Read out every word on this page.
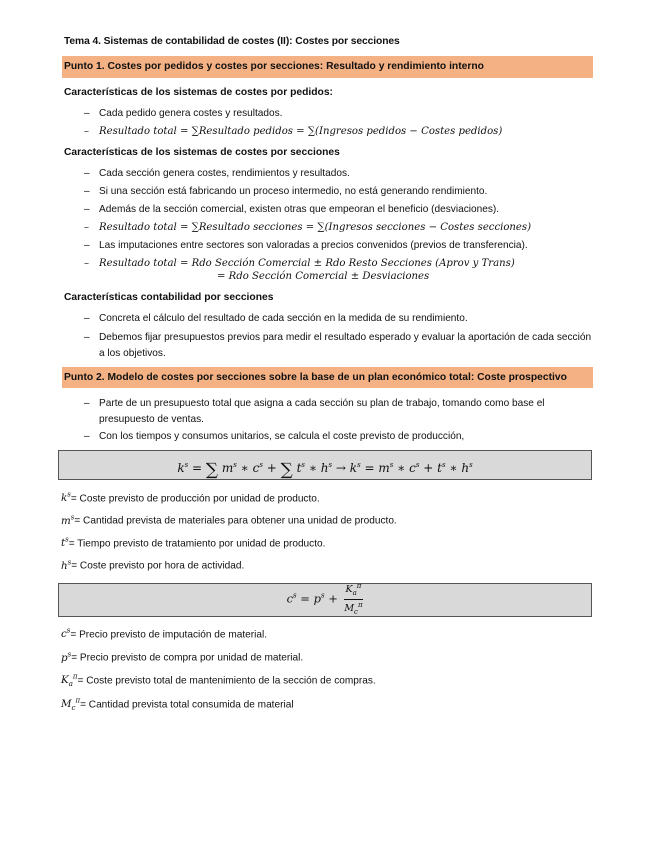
Tema 4. Sistemas de contabilidad de costes (II): Costes por secciones
Punto 1. Costes por pedidos y costes por secciones: Resultado y rendimiento interno
Características de los sistemas de costes por pedidos:
– Cada pedido genera costes y resultados.
– Resultado total = ∑Resultado pedidos = ∑(Ingresos pedidos − Costes pedidos)
Características de los sistemas de costes por secciones
– Cada sección genera costes, rendimientos y resultados.
– Si una sección está fabricando un proceso intermedio, no está generando rendimiento.
– Además de la sección comercial, existen otras que empeoran el beneficio (desviaciones).
– Resultado total = ∑Resultado secciones = ∑(Ingresos secciones − Costes secciones)
– Las imputaciones entre sectores son valoradas a precios convenidos (previos de transferencia).
– Resultado total = Rdo Sección Comercial ± Rdo Resto Secciones (Aprov y Trans)
= Rdo Sección Comercial ± Desviaciones
Características contabilidad por secciones
– Concreta el cálculo del resultado de cada sección en la medida de su rendimiento.
– Debemos fijar presupuestos previos para medir el resultado esperado y evaluar la aportación de cada sección a los objetivos.
Punto 2. Modelo de costes por secciones sobre la base de un plan económico total: Coste prospectivo
– Parte de un presupuesto total que asigna a cada sección su plan de trabajo, tomando como base el presupuesto de ventas.
– Con los tiempos y consumos unitarios, se calcula el coste previsto de producción,
$k^s$ = ∑ $m^s$ ∗ $c^s$ + ∑ $t^s$ ∗ $h^s \to k^s = m^s$ ∗ $c^s + t^s$ ∗ $h^s$
$k^s=$ Coste previsto de producción por unidad de producto.
$m^s=$ Cantidad prevista de materiales para obtener una unidad de producto.
$t^s=$ Tiempo previsto de tratamiento por unidad de producto.
$h^s=$ Coste previsto por hora de actividad.
$c^s = p^s + \frac{K_a^\pi}{M_c^\pi}$
$c^s=$ Precio previsto de imputación de material.
$p^s=$ Precio previsto de compra por unidad de material.
$K_a^\pi=$ Coste previsto total de mantenimiento de la sección de compras.
$M_c^\pi=$ Cantidad prevista total consumida de material
